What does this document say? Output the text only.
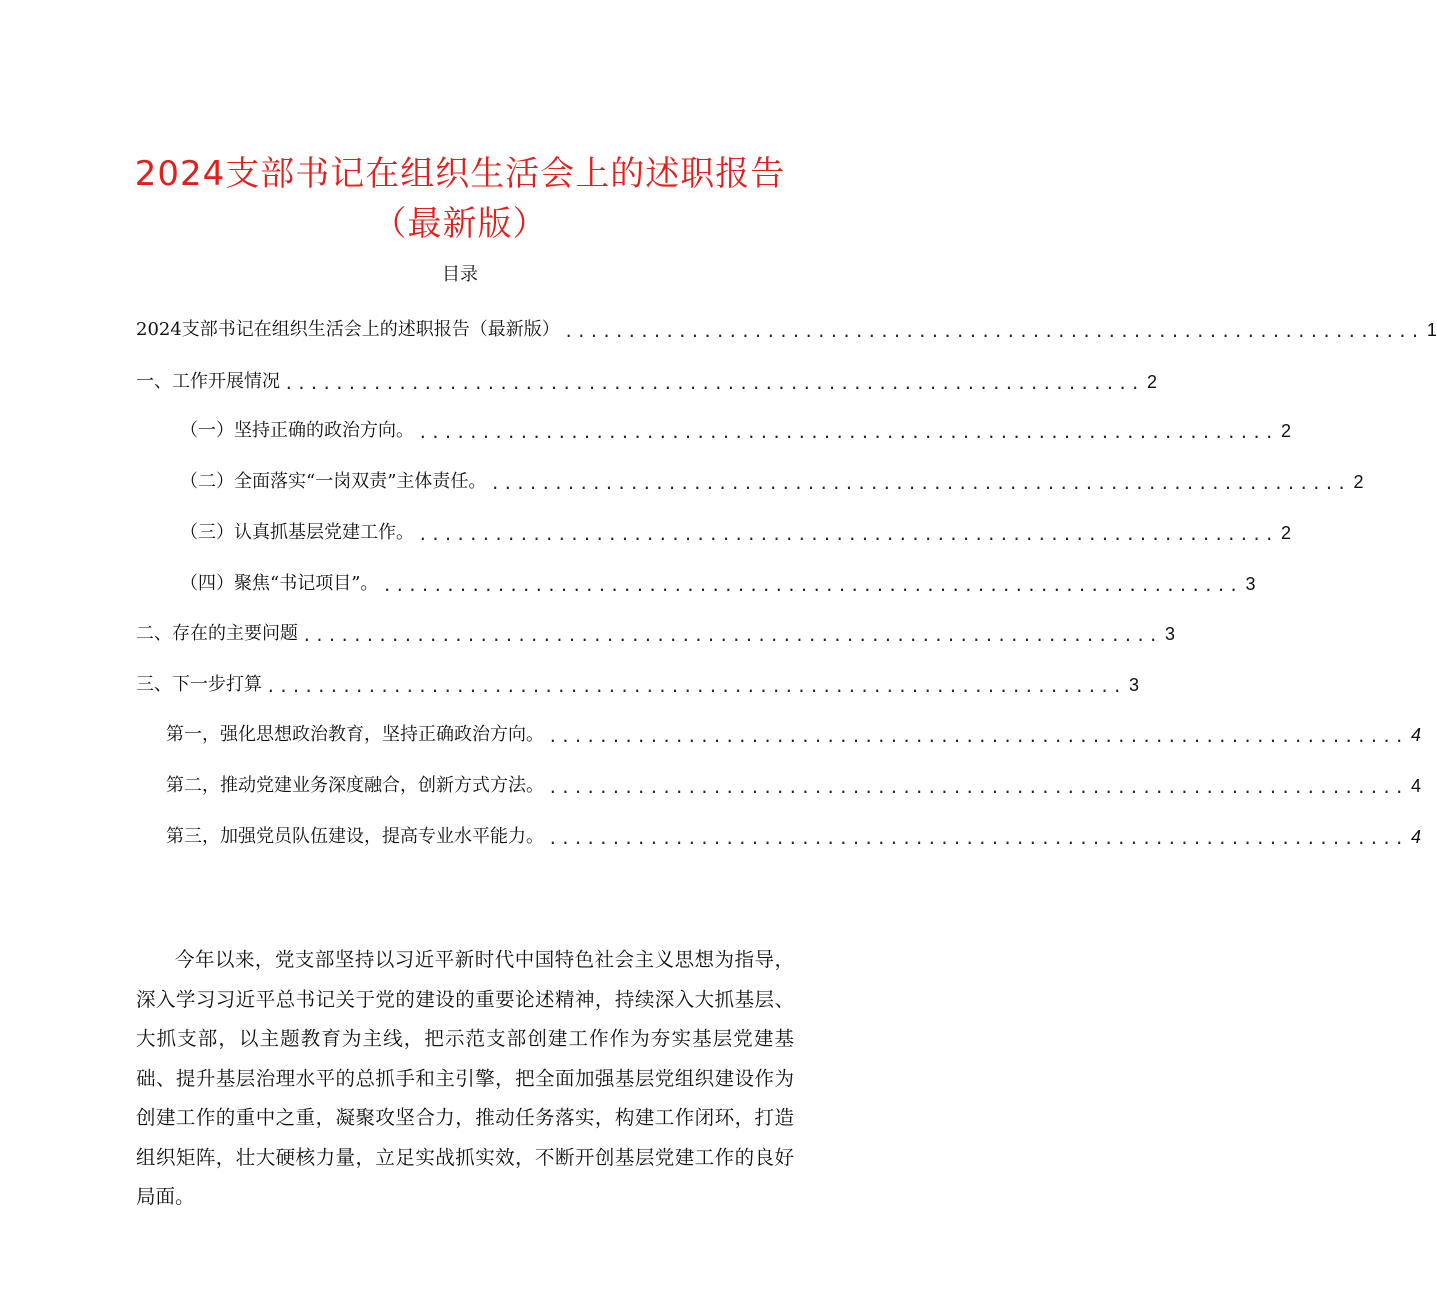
2024支部书记在组织生活会上的述职报告
（最新版）
目录
2024支部书记在组织生活会上的述职报告（最新版） .................................................................... 1
一、工作开展情况 .................................................................... 2
（一）坚持正确的政治方向。 .................................................................... 2
（二）全面落实“一岗双责”主体责任。 .................................................................... 2
（三）认真抓基层党建工作。 .................................................................... 2
（四）聚焦“书记项目”。 .................................................................... 3
二、存在的主要问题 .................................................................... 3
三、下一步打算 .................................................................... 3
第一，强化思想政治教育，坚持正确政治方向。 .................................................................... 4
第二，推动党建业务深度融合，创新方式方法。 .................................................................... 4
第三，加强党员队伍建设，提高专业水平能力。 .................................................................... 4
今年以来，党支部坚持以习近平新时代中国特色社会主义思想为指导，深入学习习近平总书记关于党的建设的重要论述精神，持续深入大抓基层、大抓支部，以主题教育为主线，把示范支部创建工作作为夯实基层党建基础、提升基层治理水平的总抓手和主引擎，把全面加强基层党组织建设作为创建工作的重中之重，凝聚攻坚合力，推动任务落实，构建工作闭环，打造组织矩阵，壮大硬核力量，立足实战抓实效，不断开创基层党建工作的良好局面。
